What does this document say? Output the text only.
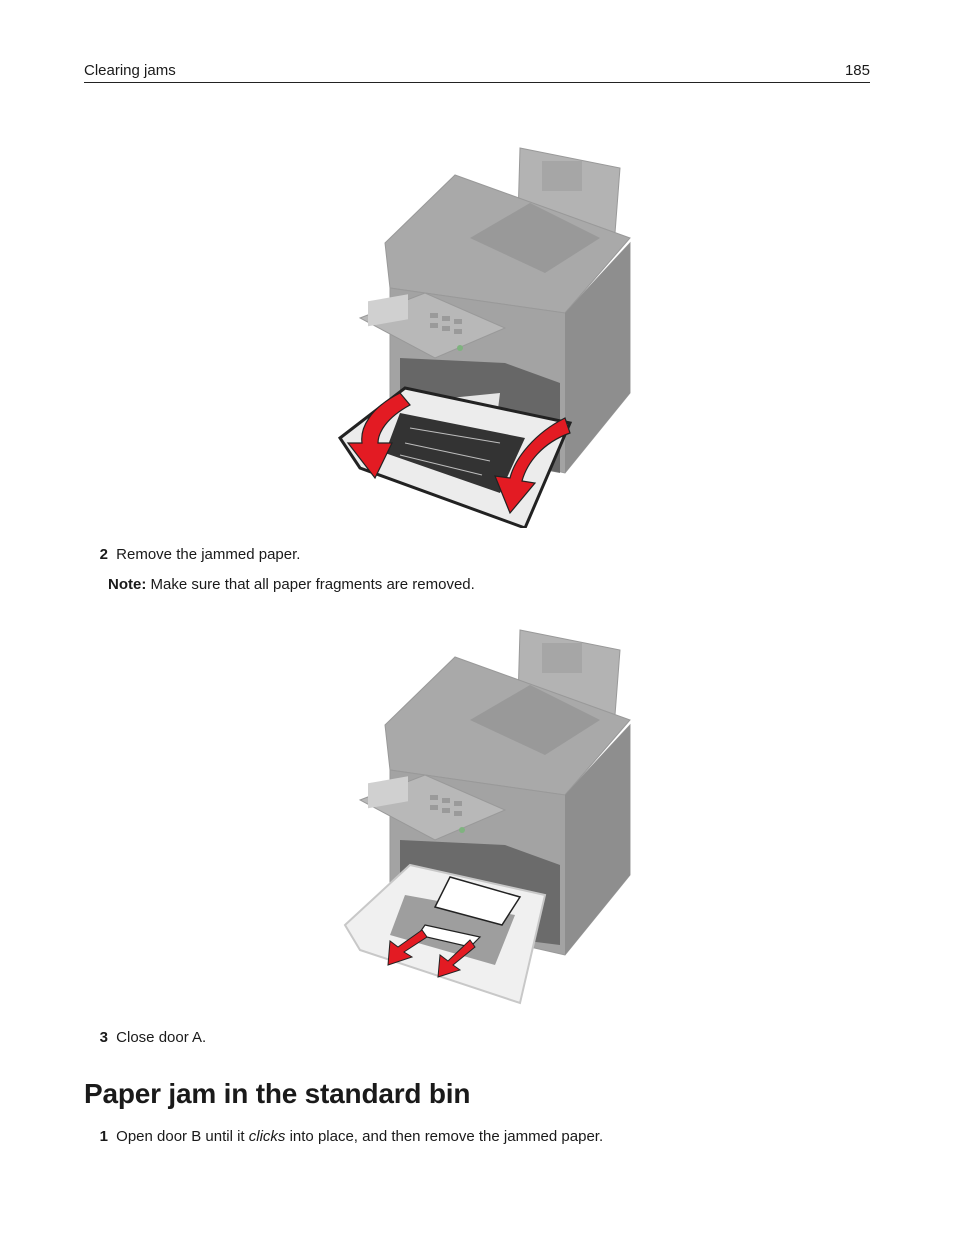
Clearing jams	185
2 Remove the jammed paper.
Note: Make sure that all paper fragments are removed.
3 Close door A.
Paper jam in the standard bin
1 Open door B until it clicks into place, and then remove the jammed paper.
